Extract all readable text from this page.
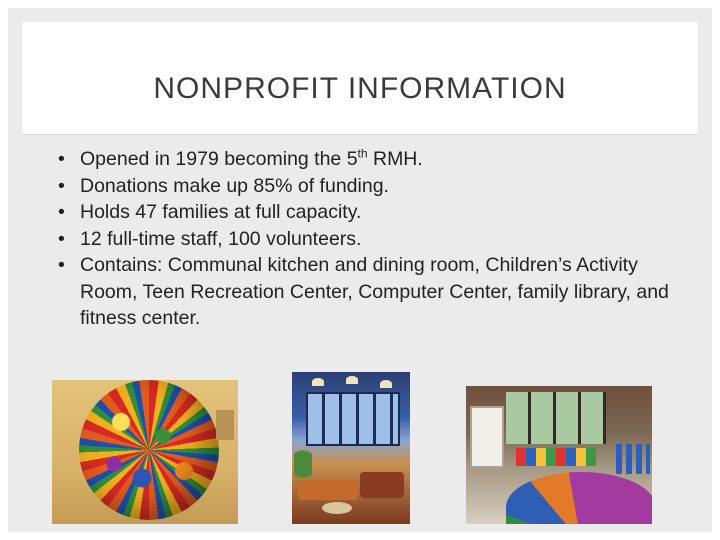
NONPROFIT INFORMATION
• Opened in 1979 becoming the 5th RMH.
• Donations make up 85% of funding.
• Holds 47 families at full capacity.
• 12 full-time staff, 100 volunteers.
• Contains: Communal kitchen and dining room, Children’s Activity Room, Teen Recreation Center, Computer Center, family library, and fitness center.
